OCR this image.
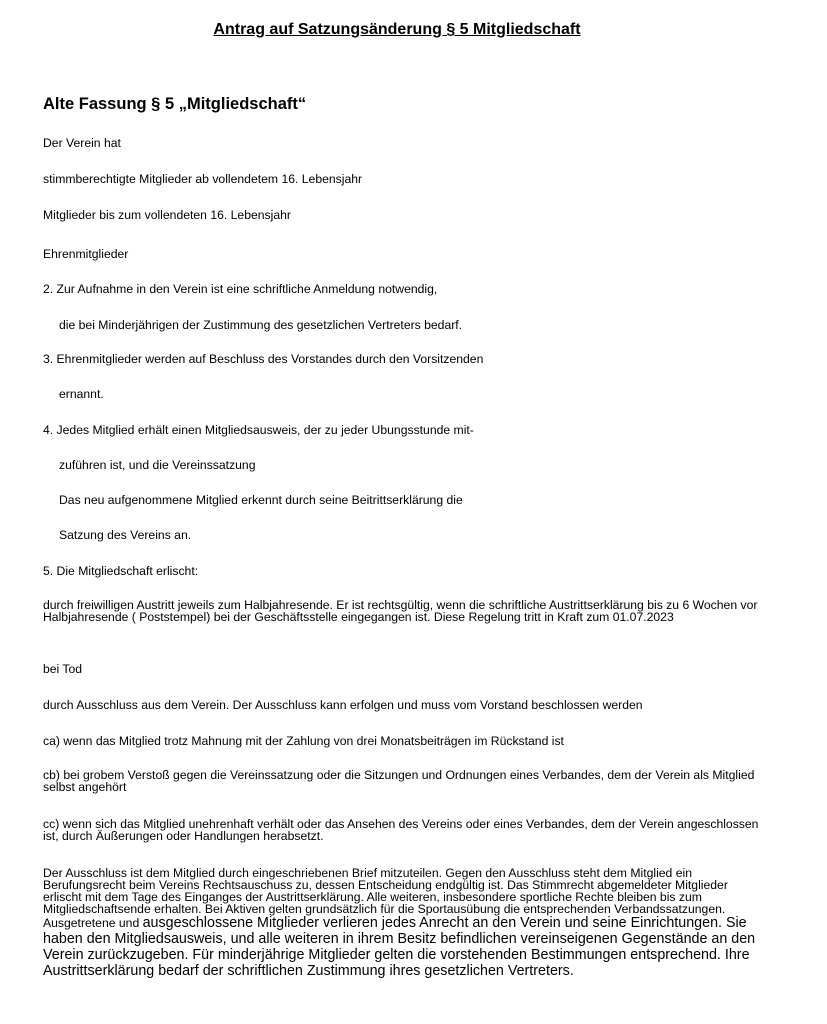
Antrag auf Satzungsänderung § 5 Mitgliedschaft
Alte Fassung § 5 „Mitgliedschaft“

Der Verein hat

stimmberechtigte Mitglieder ab vollendetem 16. Lebensjahr

Mitglieder bis zum vollendeten 16. Lebensjahr

Ehrenmitglieder

2. Zur Aufnahme in den Verein ist eine schriftliche Anmeldung notwendig,

die bei Minderjährigen der Zustimmung des gesetzlichen Vertreters bedarf.

3. Ehrenmitglieder werden auf Beschluss des Vorstandes durch den Vorsitzenden

ernannt.

4. Jedes Mitglied erhält einen Mitgliedsausweis, der zu jeder Ubungsstunde mit-

zuführen ist, und die Vereinssatzung

Das neu aufgenommene Mitglied erkennt durch seine Beitrittserklärung die

Satzung des Vereins an.

5. Die Mitgliedschaft erlischt:

durch freiwilligen Austritt jeweils zum Halbjahresende. Er ist rechtsgültig, wenn die schriftliche Austrittserklärung bis zu 6 Wochen vor Halbjahresende ( Poststempel) bei der Geschäftsstelle eingegangen ist. Diese Regelung tritt in Kraft zum 01.07.2023

bei Tod

durch Ausschluss aus dem Verein. Der Ausschluss kann erfolgen und muss vom Vorstand beschlossen werden

ca) wenn das Mitglied trotz Mahnung mit der Zahlung von drei Monatsbeiträgen im Rückstand ist

cb) bei grobem Verstoß gegen die Vereinssatzung oder die Sitzungen und Ordnungen eines Verbandes, dem der Verein als Mitglied selbst angehört

cc) wenn sich das Mitglied unehrenhaft verhält oder das Ansehen des Vereins oder eines Verbandes, dem der Verein angeschlossen ist, durch Äußerungen oder Handlungen herabsetzt.

Der Ausschluss ist dem Mitglied durch eingeschriebenen Brief mitzuteilen. Gegen den Ausschluss steht dem Mitglied ein Berufungsrecht beim Vereins Rechtsauschuss zu, dessen Entscheidung endgültig ist. Das Stimmrecht abgemeldeter Mitglieder erlischt mit dem Tage des Einganges der Austrittserklärung. Alle weiteren, insbesondere sportliche Rechte bleiben bis zum Mitgliedschaftsende erhalten. Bei Aktiven gelten grundsätzlich für die Sportausübung die entsprechenden Verbandssatzungen. Ausgetretene und ausgeschlossene Mitglieder verlieren jedes Anrecht an den Verein und seine Einrichtungen. Sie haben den Mitgliedsausweis, und alle weiteren in ihrem Besitz befindlichen vereinseigenen Gegenstände an den Verein zurückzugeben. Für minderjährige Mitglieder gelten die vorstehenden Bestimmungen entsprechend. Ihre Austrittserklärung bedarf der schriftlichen Zustimmung ihres gesetzlichen Vertreters.
